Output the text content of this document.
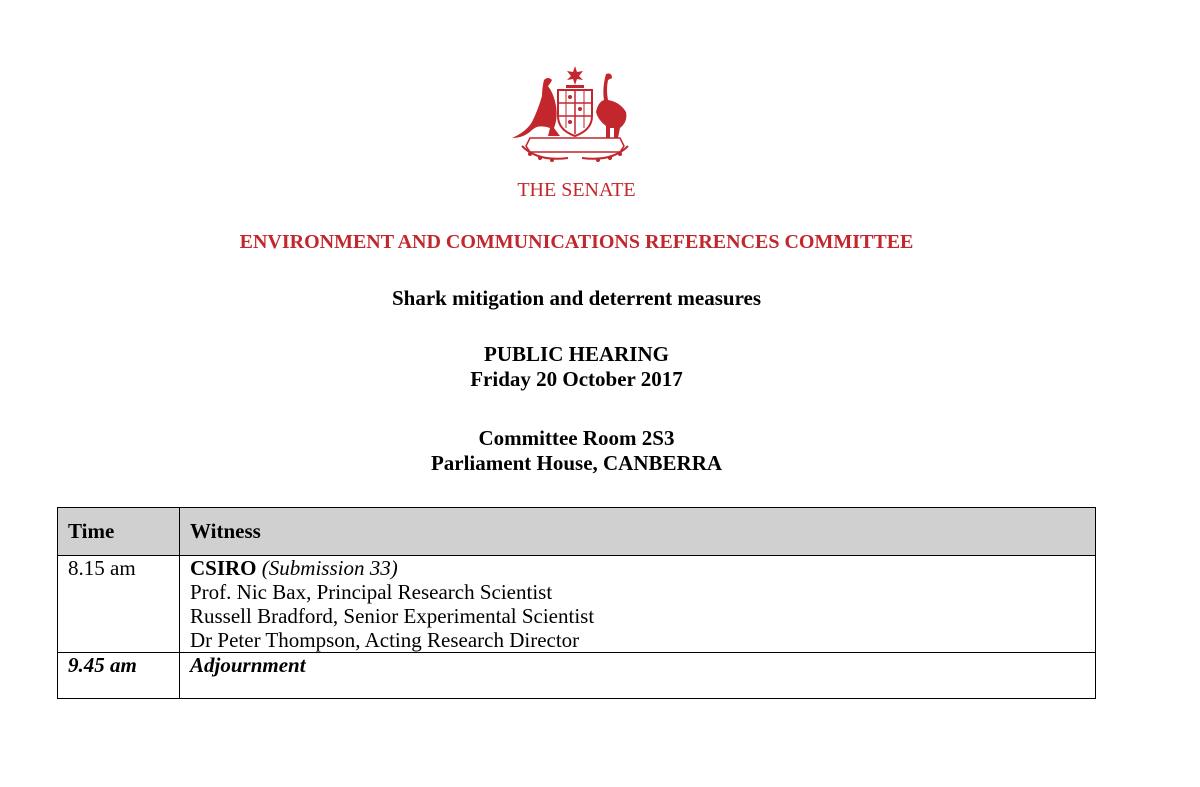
THE SENATE
ENVIRONMENT AND COMMUNICATIONS REFERENCES COMMITTEE
Shark mitigation and deterrent measures
PUBLIC HEARING
Friday 20 October 2017
Committee Room 2S3
Parliament House, CANBERRA
Time	Witness
8.15 am	CSIRO (Submission 33)
Prof. Nic Bax, Principal Research Scientist
Russell Bradford, Senior Experimental Scientist
Dr Peter Thompson, Acting Research Director

9.45 am	Adjournment
